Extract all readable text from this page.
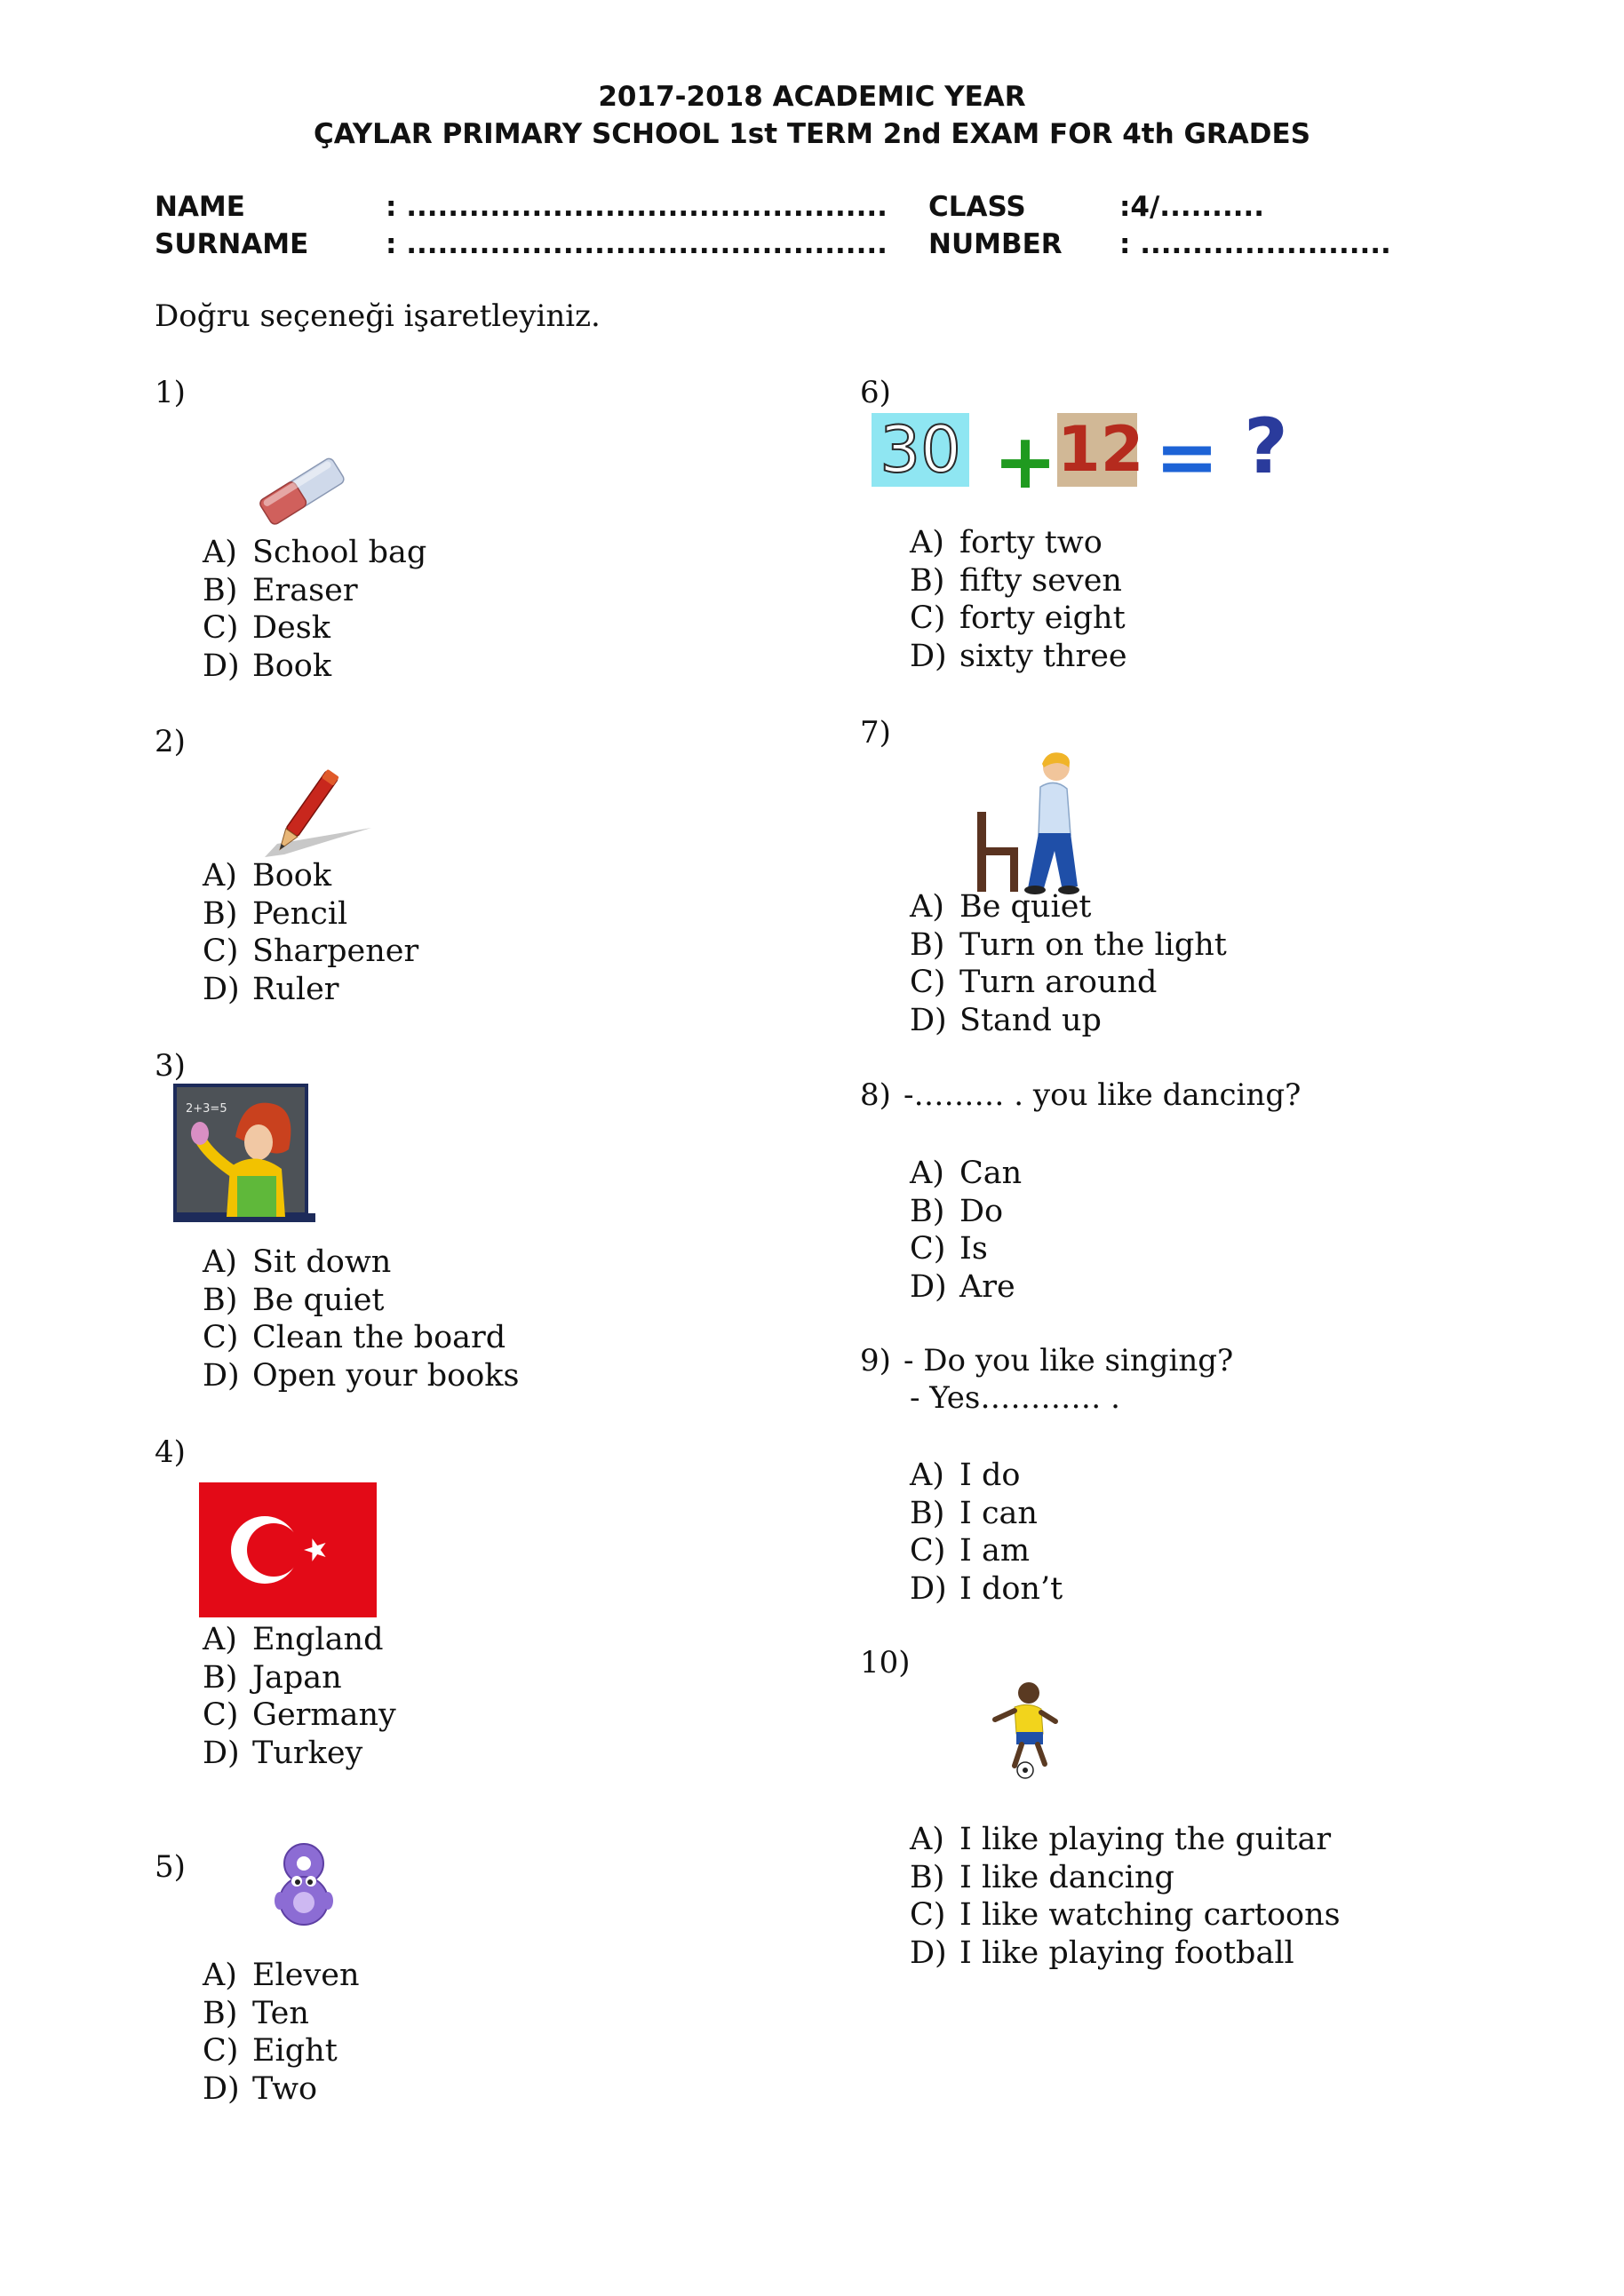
2017-2018 ACADEMIC YEAR
ÇAYLAR PRIMARY SCHOOL 1st TERM 2nd EXAM FOR 4th GRADES
NAME	: ..............................................
SURNAME	: ..............................................
CLASS	:4/..........
NUMBER : ........................
Doğru seçeneği işaretleyiniz.
1)
A) School bag
B) Eraser
C) Desk
D) Book
2)
A) Book
B) Pencil
C) Sharpener
D) Ruler
3)
2+3=5
A) Sit down
B) Be quiet
C) Clean the board
D) Open your books
4)
A) England
B) Japan
C) Germany
D) Turkey
5)
A) Eleven
B) Ten
C) Eight
D) Two
6)
30 + 12 = ?
A) forty two
B) fifty seven
C) forty eight
D) sixty three
7)
A) Be quiet
B) Turn on the light
C) Turn around
D) Stand up
8) -……… . you like dancing?
A) Can
B) Do
C) Is
D) Are
9) - Do you like singing?
- Yes………… .
A) I do
B) I can
C) I am
D) I don’t
10)
A) I like playing the guitar
B) I like dancing
C) I like watching cartoons
D) I like playing football
